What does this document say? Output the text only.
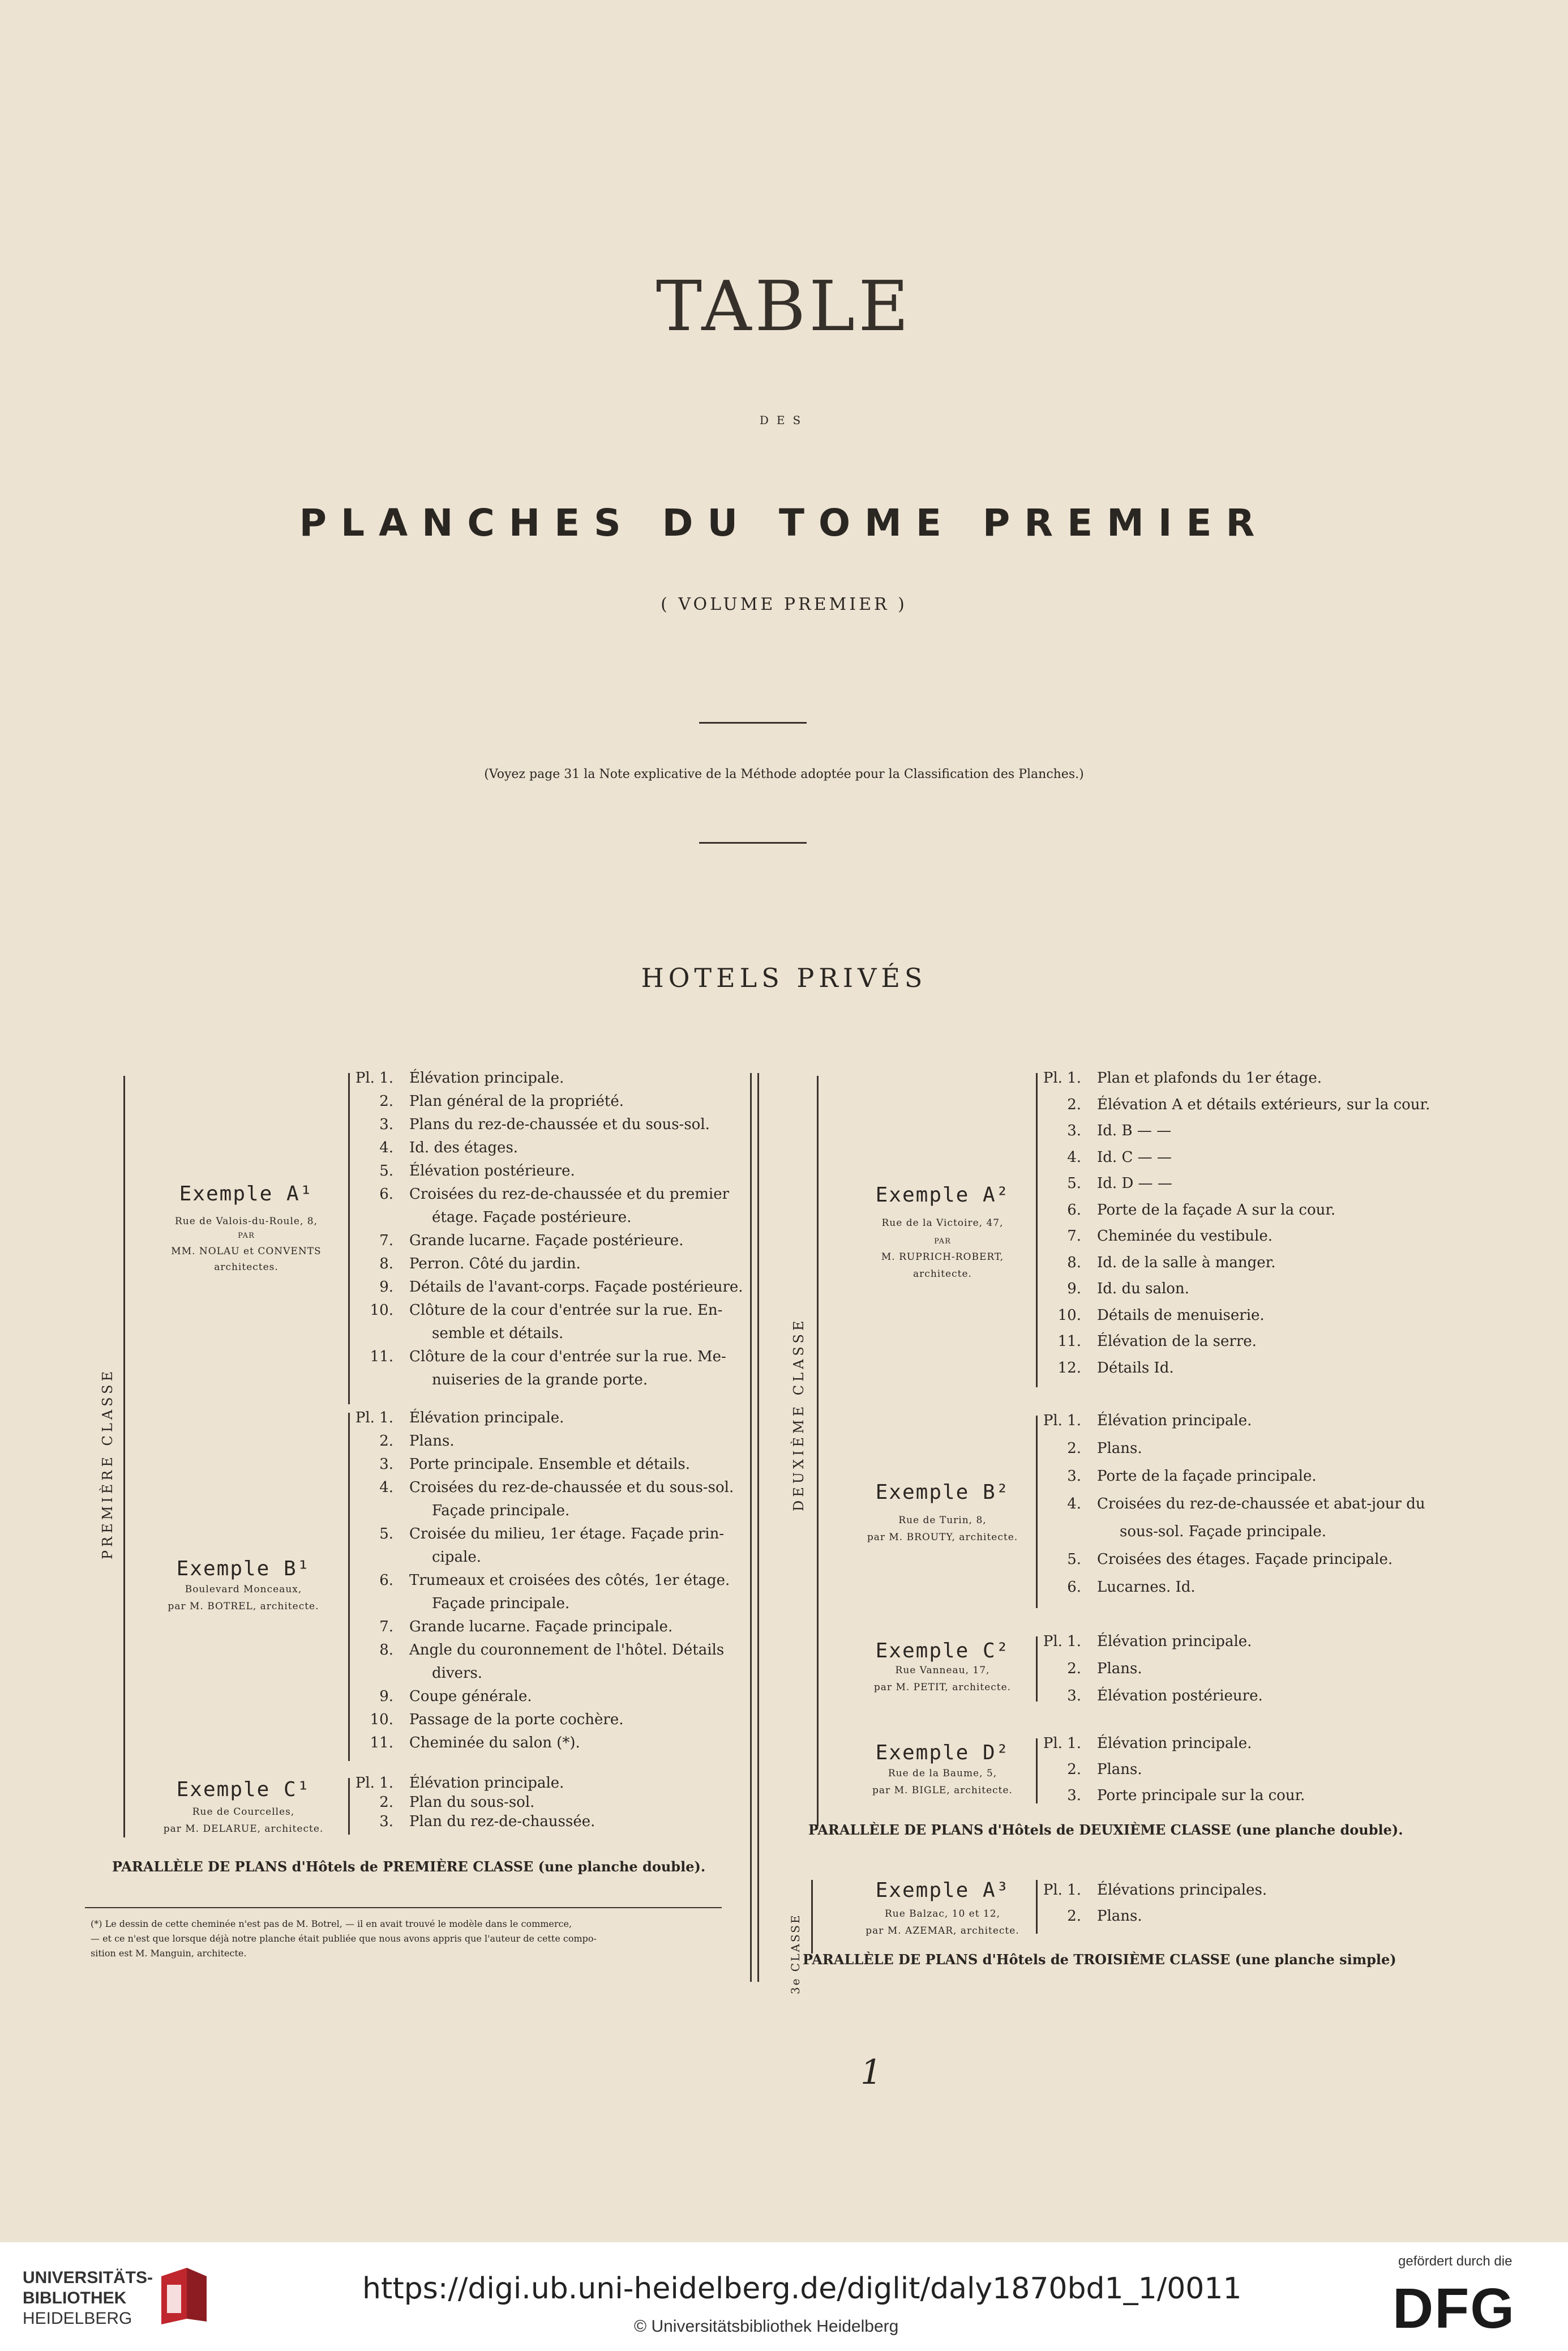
TABLE
DES
PLANCHES DU TOME PREMIER
( VOLUME PREMIER )
(Voyez page 31 la Note explicative de la Méthode adoptée pour la Classification des Planches.)
HOTELS PRIVÉS
PREMIÈRE CLASSE
Exemple A¹
Rue de Valois-du-Roule, 8,
PAR
MM. NOLAU et CONVENTS
architectes.
Pl. 1. Élévation principale.
2. Plan général de la propriété.
3. Plans du rez-de-chaussée et du sous-sol.
4. Id. des étages.
5. Élévation postérieure.
6. Croisées du rez-de-chaussée et du premier
étage. Façade postérieure.
7. Grande lucarne. Façade postérieure.
8. Perron. Côté du jardin.
9. Détails de l'avant-corps. Façade postérieure.
10. Clôture de la cour d'entrée sur la rue. En-
semble et détails.
11. Clôture de la cour d'entrée sur la rue. Me-
nuiseries de la grande porte.
Exemple B¹
Boulevard Monceaux,
par M. BOTREL, architecte.
Pl. 1. Élévation principale.
2. Plans.
3. Porte principale. Ensemble et détails.
4. Croisées du rez-de-chaussée et du sous-sol.
Façade principale.
5. Croisée du milieu, 1er étage. Façade prin-
cipale.
6. Trumeaux et croisées des côtés, 1er étage.
Façade principale.
7. Grande lucarne. Façade principale.
8. Angle du couronnement de l'hôtel. Détails
divers.
9. Coupe générale.
10. Passage de la porte cochère.
11. Cheminée du salon (*).
Exemple C¹
Rue de Courcelles,
par M. DELARUE, architecte.
Pl. 1. Élévation principale.
2. Plan du sous-sol.
3. Plan du rez-de-chaussée.
PARALLÈLE DE PLANS d'Hôtels de PREMIÈRE CLASSE (une planche double).
(*) Le dessin de cette cheminée n'est pas de M. Botrel, — il en avait trouvé le modèle dans le commerce,
— et ce n'est que lorsque déjà notre planche était publiée que nous avons appris que l'auteur de cette compo-
sition est M. Manguin, architecte.
DEUXIÈME CLASSE
Exemple A²
Rue de la Victoire, 47,
PAR
M. RUPRICH-ROBERT,
architecte.
Pl. 1. Plan et plafonds du 1er étage.
2. Élévation A et détails extérieurs, sur la cour.
3. Id. B — —
4. Id. C — —
5. Id. D — —
6. Porte de la façade A sur la cour.
7. Cheminée du vestibule.
8. Id. de la salle à manger.
9. Id. du salon.
10. Détails de menuiserie.
11. Élévation de la serre.
12. Détails Id.
Exemple B²
Rue de Turin, 8,
par M. BROUTY, architecte.
Pl. 1. Élévation principale.
2. Plans.
3. Porte de la façade principale.
4. Croisées du rez-de-chaussée et abat-jour du
sous-sol. Façade principale.
5. Croisées des étages. Façade principale.
6. Lucarnes. Id.
Exemple C²
Rue Vanneau, 17,
par M. PETIT, architecte.
Pl. 1. Élévation principale.
2. Plans.
3. Élévation postérieure.
Exemple D²
Rue de la Baume, 5,
par M. BIGLE, architecte.
Pl. 1. Élévation principale.
2. Plans.
3. Porte principale sur la cour.
PARALLÈLE DE PLANS d'Hôtels de DEUXIÈME CLASSE (une planche double).
3e CLASSE
Exemple A³
Rue Balzac, 10 et 12,
par M. AZEMAR, architecte.
Pl. 1. Élévations principales.
2. Plans.
PARALLÈLE DE PLANS d'Hôtels de TROISIÈME CLASSE (une planche simple)
1
UNIVERSITÄTS-
BIBLIOTHEK
HEIDELBERG
https://digi.ub.uni-heidelberg.de/diglit/daly1870bd1_1/0011
© Universitätsbibliothek Heidelberg
gefördert durch die
DFG
